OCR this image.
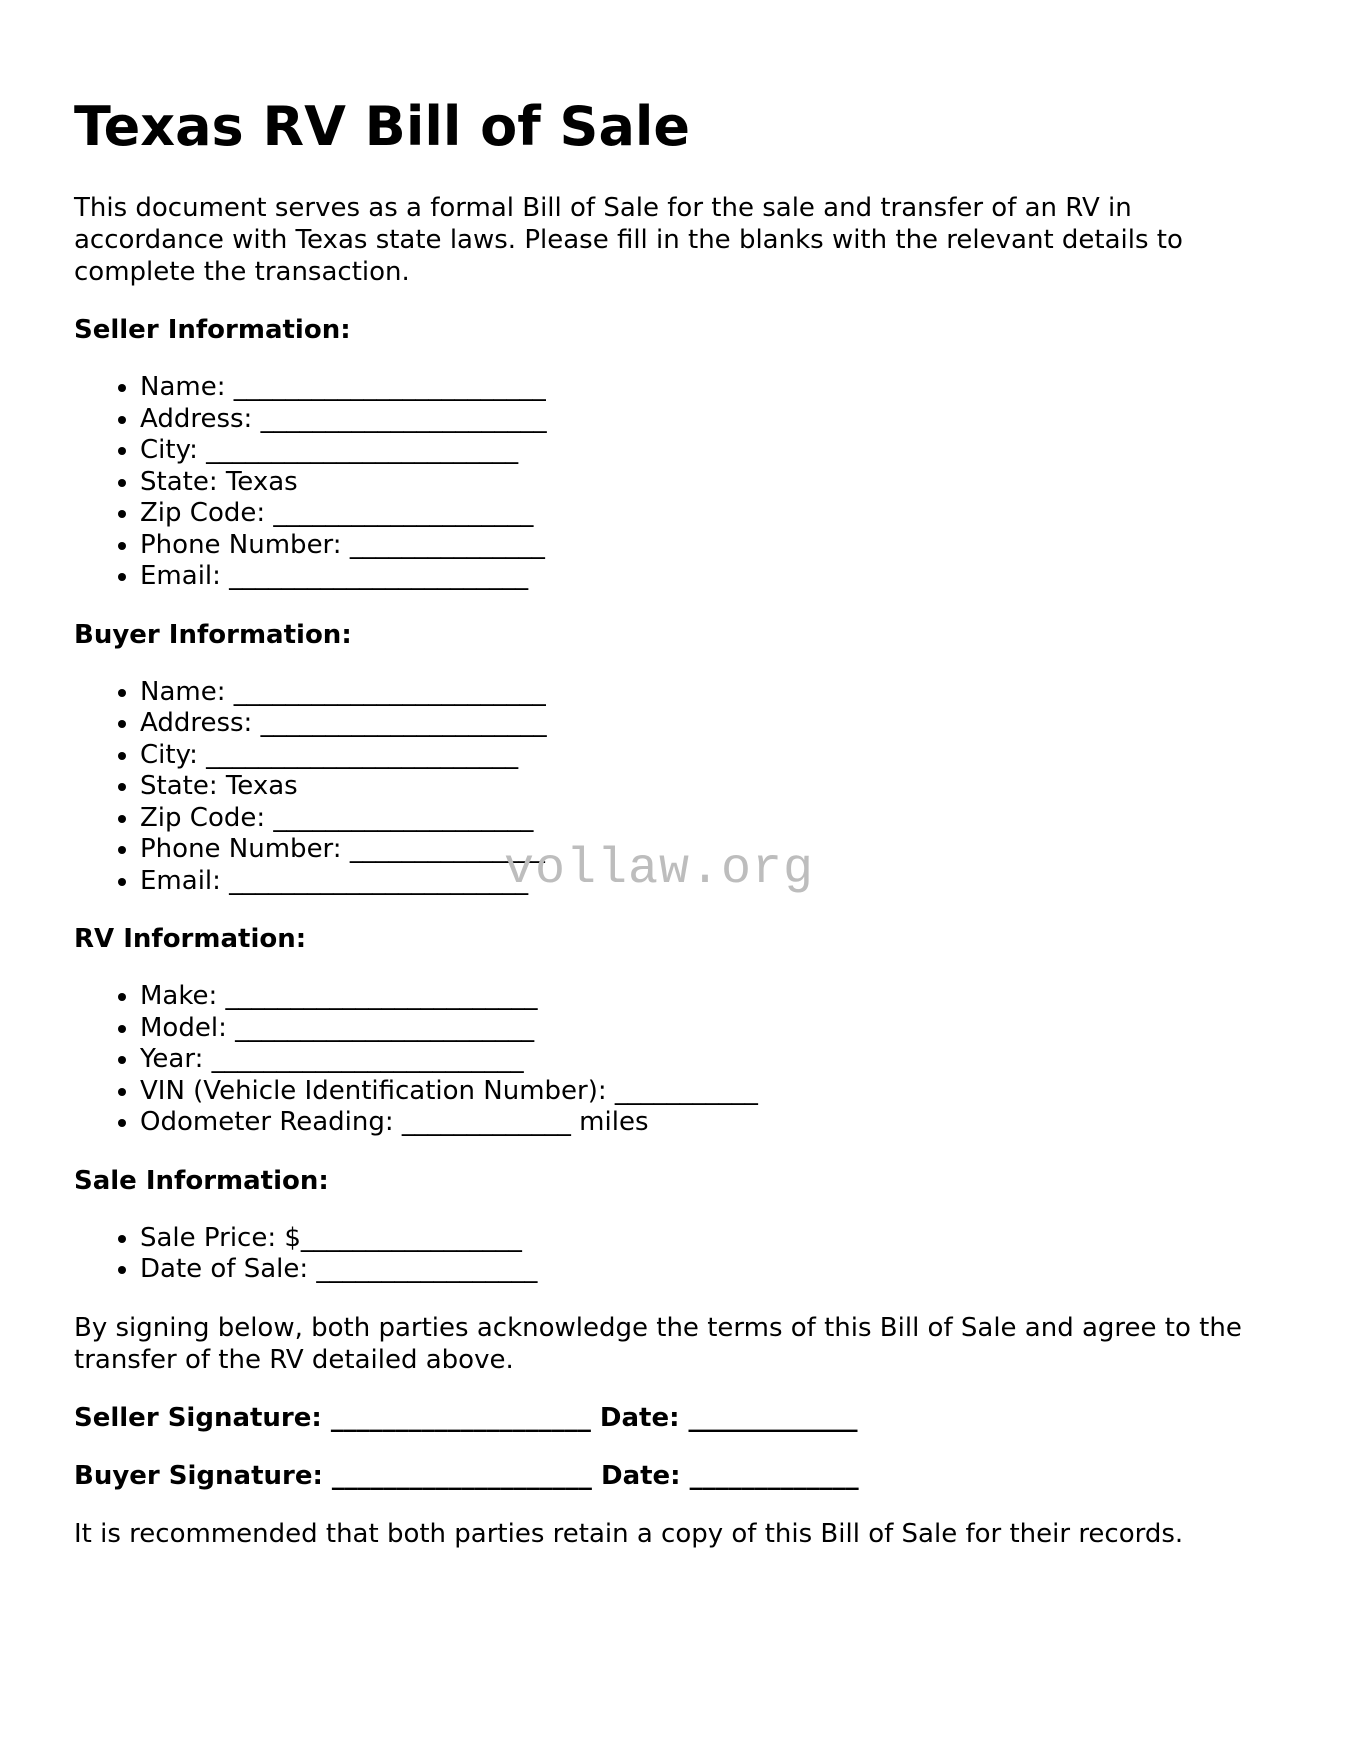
Texas RV Bill of Sale

This document serves as a formal Bill of Sale for the sale and transfer of an RV in accordance with Texas state laws. Please fill in the blanks with the relevant details to complete the transaction.

Seller Information:
• Name: ________________________
• Address: ______________________
• City: ________________________
• State: Texas
• Zip Code: ____________________
• Phone Number: _______________
• Email: _______________________
Buyer Information:
• Name: ________________________
• Address: ______________________
• City: ________________________
• State: Texas
• Zip Code: ____________________
• Phone Number: _______________
• Email: _______________________
RV Information:
• Make: ________________________
• Model: _______________________
• Year: ________________________
• VIN (Vehicle Identification Number): ___________
• Odometer Reading: _____________ miles
Sale Information:
• Sale Price: $_________________
• Date of Sale: _________________

By signing below, both parties acknowledge the terms of this Bill of Sale and agree to the transfer of the RV detailed above.

Seller Signature: ____________________ Date: _____________
Buyer Signature: ____________________ Date: _____________

It is recommended that both parties retain a copy of this Bill of Sale for their records.

vollaw.org
